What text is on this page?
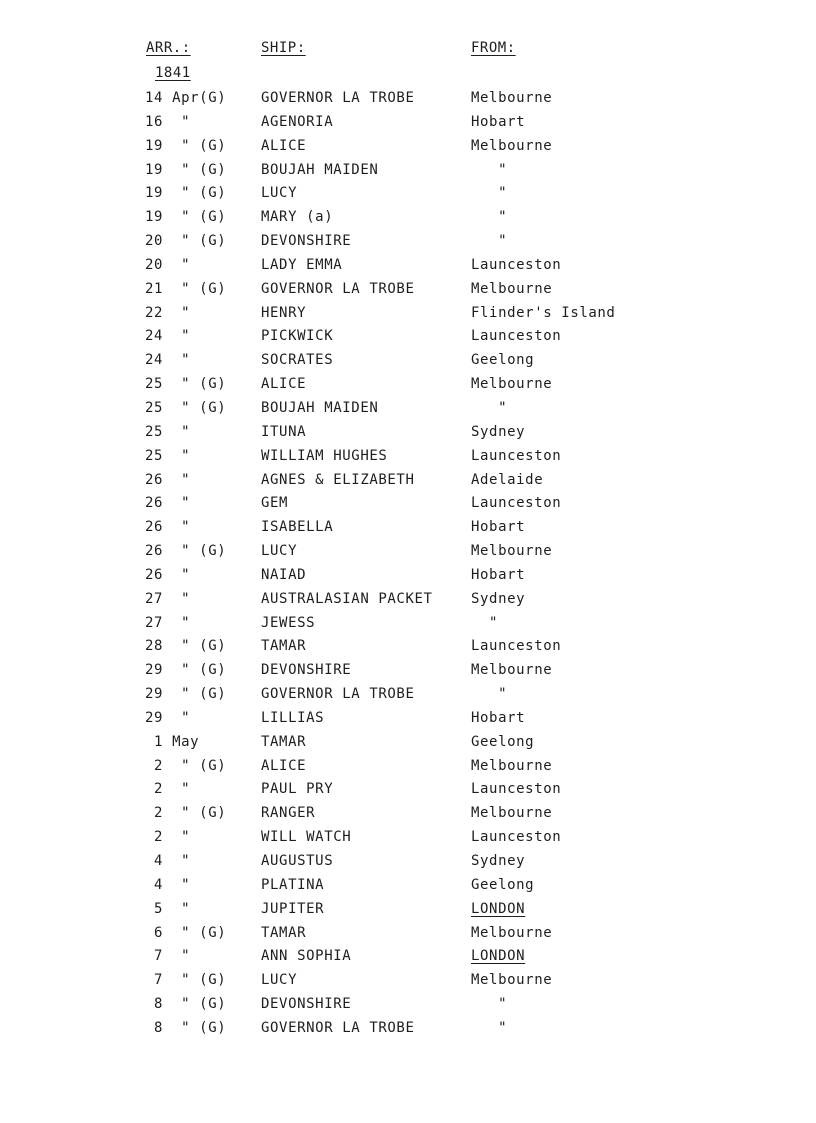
ARR.:	SHIP:	FROM:
1841
14 Apr(G)	GOVERNOR LA TROBE	Melbourne
16  "	AGENORIA	Hobart
19  " (G)	ALICE	Melbourne
19  " (G)	BOUJAH MAIDEN	"
19  " (G)	LUCY	"
19  " (G)	MARY (a)	"
20  " (G)	DEVONSHIRE	"
20  "	LADY EMMA	Launceston
21  " (G)	GOVERNOR LA TROBE	Melbourne
22  "	HENRY	Flinder's Island
24  "	PICKWICK	Launceston
24  "	SOCRATES	Geelong
25  " (G)	ALICE	Melbourne
25  " (G)	BOUJAH MAIDEN	"
25  "	ITUNA	Sydney
25  "	WILLIAM HUGHES	Launceston
26  "	AGNES & ELIZABETH	Adelaide
26  "	GEM	Launceston
26  "	ISABELLA	Hobart
26  " (G)	LUCY	Melbourne
26  "	NAIAD	Hobart
27  "	AUSTRALASIAN PACKET	Sydney
27  "	JEWESS	"
28  " (G)	TAMAR	Launceston
29  " (G)	DEVONSHIRE	Melbourne
29  " (G)	GOVERNOR LA TROBE	"
29  "	LILLIAS	Hobart
1 May	TAMAR	Geelong
2  " (G)	ALICE	Melbourne
2  "	PAUL PRY	Launceston
2  " (G)	RANGER	Melbourne
2  "	WILL WATCH	Launceston
4  "	AUGUSTUS	Sydney
4  "	PLATINA	Geelong
5  "	JUPITER	LONDON
6  " (G)	TAMAR	Melbourne
7  "	ANN SOPHIA	LONDON
7  " (G)	LUCY	Melbourne
8  " (G)	DEVONSHIRE	"
8  " (G)	GOVERNOR LA TROBE	"
